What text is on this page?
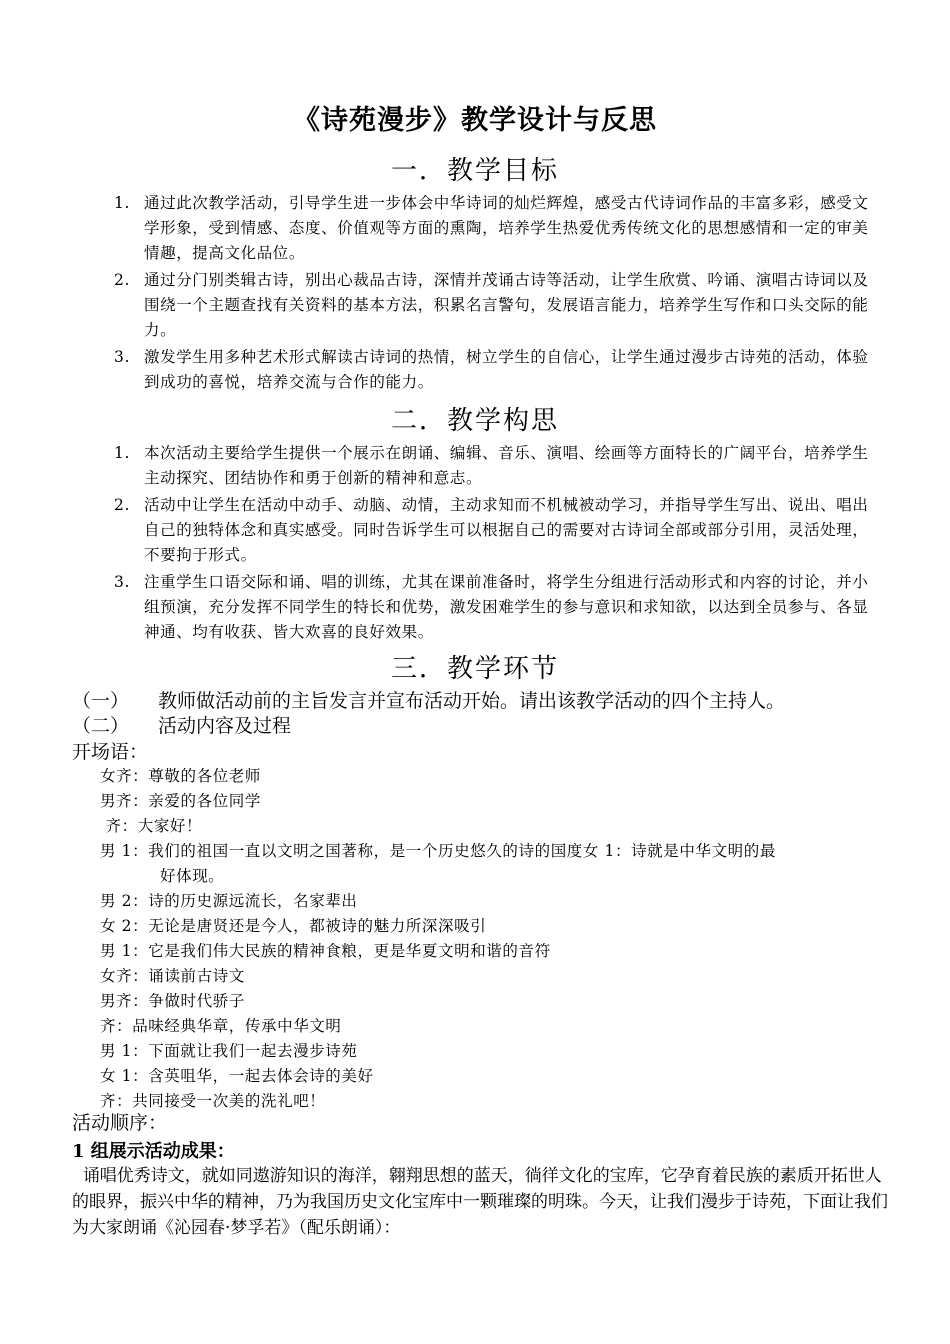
《诗苑漫步》教学设计与反思
一．教学目标
1. 通过此次教学活动，引导学生进一步体会中华诗词的灿烂辉煌，感受古代诗词作品的丰富多彩，感受文学形象，受到情感、态度、价值观等方面的熏陶，培养学生热爱优秀传统文化的思想感情和一定的审美情趣，提高文化品位。
2. 通过分门别类辑古诗，别出心裁品古诗，深情并茂诵古诗等活动，让学生欣赏、吟诵、演唱古诗词以及围绕一个主题查找有关资料的基本方法，积累名言警句，发展语言能力，培养学生写作和口头交际的能力。
3. 激发学生用多种艺术形式解读古诗词的热情，树立学生的自信心，让学生通过漫步古诗苑的活动，体验到成功的喜悦，培养交流与合作的能力。
二．教学构思
1. 本次活动主要给学生提供一个展示在朗诵、编辑、音乐、演唱、绘画等方面特长的广阔平台，培养学生主动探究、团结协作和勇于创新的精神和意志。
2. 活动中让学生在活动中动手、动脑、动情，主动求知而不机械被动学习，并指导学生写出、说出、唱出自己的独特体念和真实感受。同时告诉学生可以根据自己的需要对古诗词全部或部分引用，灵活处理，不要拘于形式。
3. 注重学生口语交际和诵、唱的训练，尤其在课前准备时，将学生分组进行活动形式和内容的讨论，并小组预演，充分发挥不同学生的特长和优势，激发困难学生的参与意识和求知欲，以达到全员参与、各显神通、均有收获、皆大欢喜的良好效果。
三．教学环节
（一） 教师做活动前的主旨发言并宣布活动开始。请出该教学活动的四个主持人。
（二） 活动内容及过程
开场语：
女齐：尊敬的各位老师
男齐：亲爱的各位同学
齐：大家好！
男 1：我们的祖国一直以文明之国著称，是一个历史悠久的诗的国度女 1：诗就是中华文明的最
好体现。
男 2：诗的历史源远流长，名家辈出
女 2：无论是唐贤还是今人，都被诗的魅力所深深吸引
男 1：它是我们伟大民族的精神食粮，更是华夏文明和谐的音符
女齐：诵读前古诗文
男齐：争做时代骄子
齐：品味经典华章，传承中华文明
男 1：下面就让我们一起去漫步诗苑
女 1：含英咀华，一起去体会诗的美好
齐：共同接受一次美的洗礼吧！
活动顺序：
1 组展示活动成果：
诵唱优秀诗文，就如同遨游知识的海洋，翱翔思想的蓝天，徜徉文化的宝库，它孕育着民族的素质开拓世人的眼界，振兴中华的精神，乃为我国历史文化宝库中一颗璀璨的明珠。今天，让我们漫步于诗苑，下面让我们为大家朗诵《沁园春·梦孚若》（配乐朗诵）：
